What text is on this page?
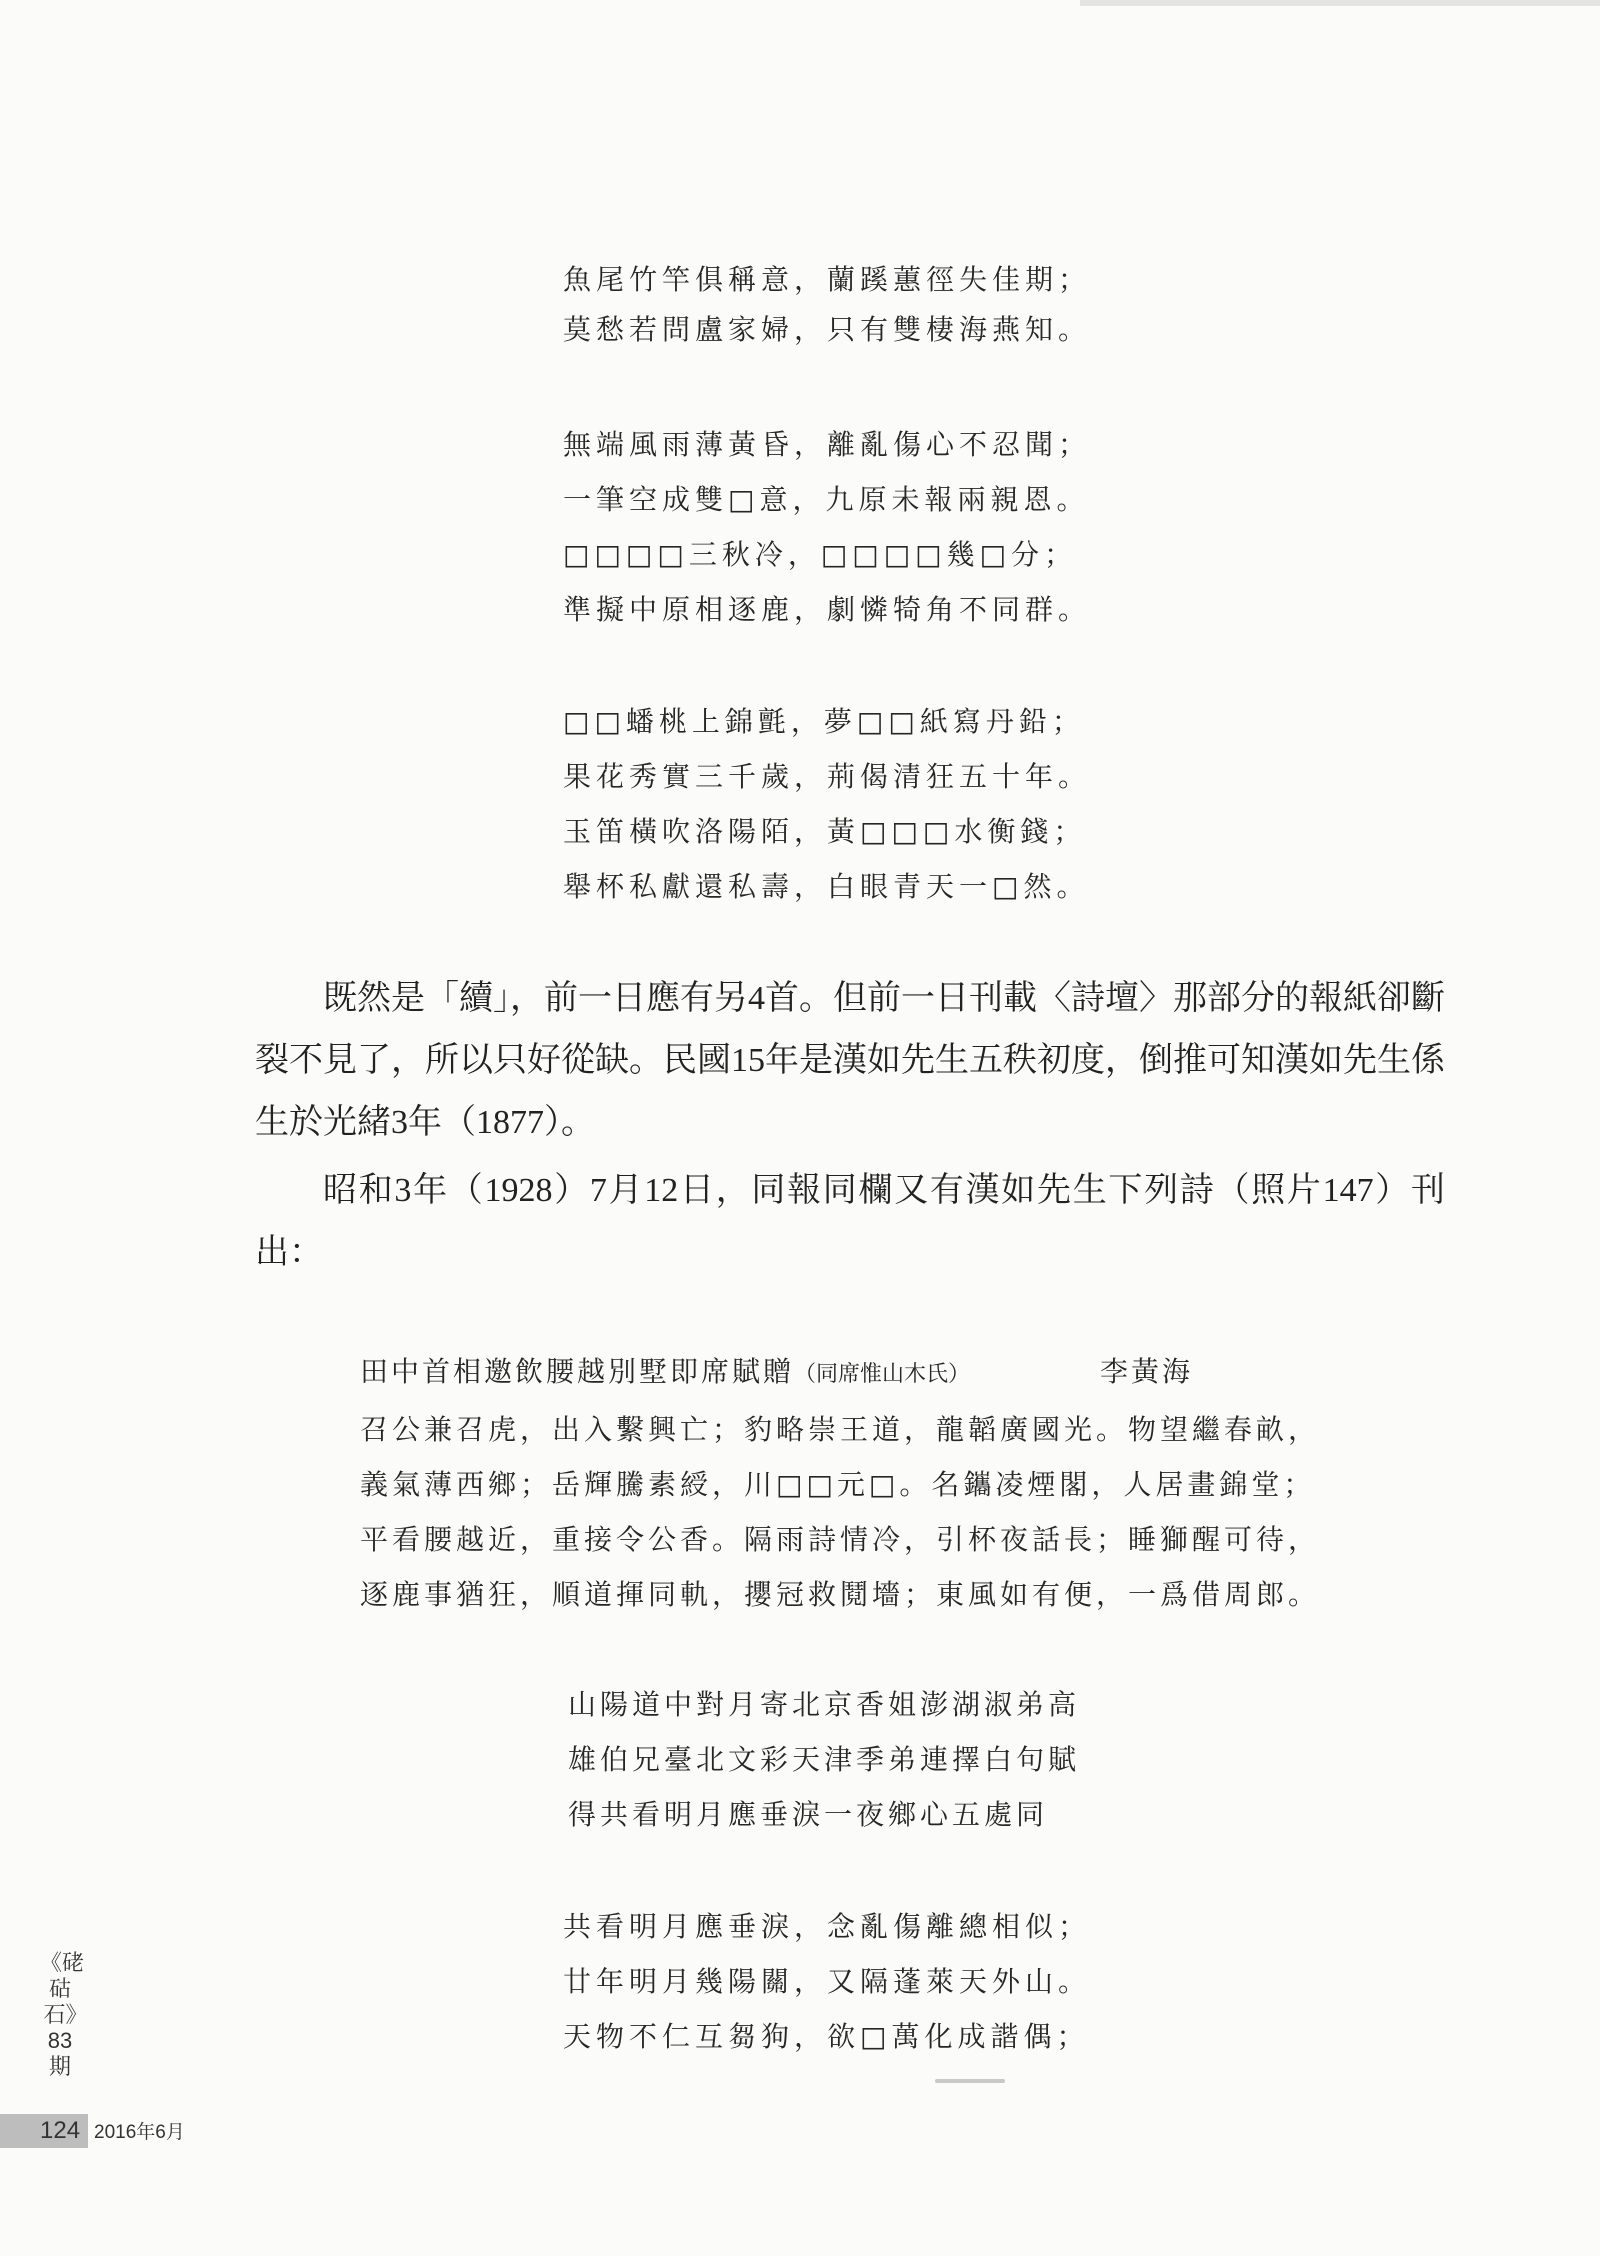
魚尾竹竿俱稱意，蘭蹊蕙徑失佳期；
莫愁若問盧家婦，只有雙棲海燕知。
無端風雨薄黃昏，離亂傷心不忍聞；
一筆空成雙□意，九原未報兩親恩。
□□□□三秋冷，□□□□幾□分；
準擬中原相逐鹿，劇憐犄角不同群。
□□蟠桃上錦氈，夢□□紙寫丹鉛；
果花秀實三千歲，荊偈清狂五十年。
玉笛橫吹洛陽陌，黃□□□水衡錢；
舉杯私獻還私壽，白眼青天一□然。

既然是「續」，前一日應有另4首。但前一日刊載〈詩壇〉那部分的報紙卻斷裂不見了，所以只好從缺。民國15年是漢如先生五秩初度，倒推可知漢如先生係生於光緒3年（1877）。

昭和3年（1928）7月12日，同報同欄又有漢如先生下列詩（照片147）刊出：

田中首相邀飲腰越別墅即席賦贈（同席惟山木氏）	李黃海
召公兼召虎，出入繫興亡；豹略崇王道，龍韜廣國光。物望繼春畝，
義氣薄西鄉；岳輝騰素綬，川□□元□。名鑴凌煙閣，人居畫錦堂；
平看腰越近，重接令公香。隔雨詩情冷，引杯夜話長；睡獅醒可待，
逐鹿事猶狂，順道揮同軌，攖冠救鬩墻；東風如有便，一爲借周郎。
山陽道中對月寄北京香姐澎湖淑弟高
雄伯兄臺北文彩天津季弟連擇白句賦
得共看明月應垂淚一夜鄉心五處同
共看明月應垂淚，念亂傷離總相似；
廿年明月幾陽關，又隔蓬萊天外山。
天物不仁互芻狗，欲□萬化成諧偶；
《硓𥑮石》83期
124 2016年6月
